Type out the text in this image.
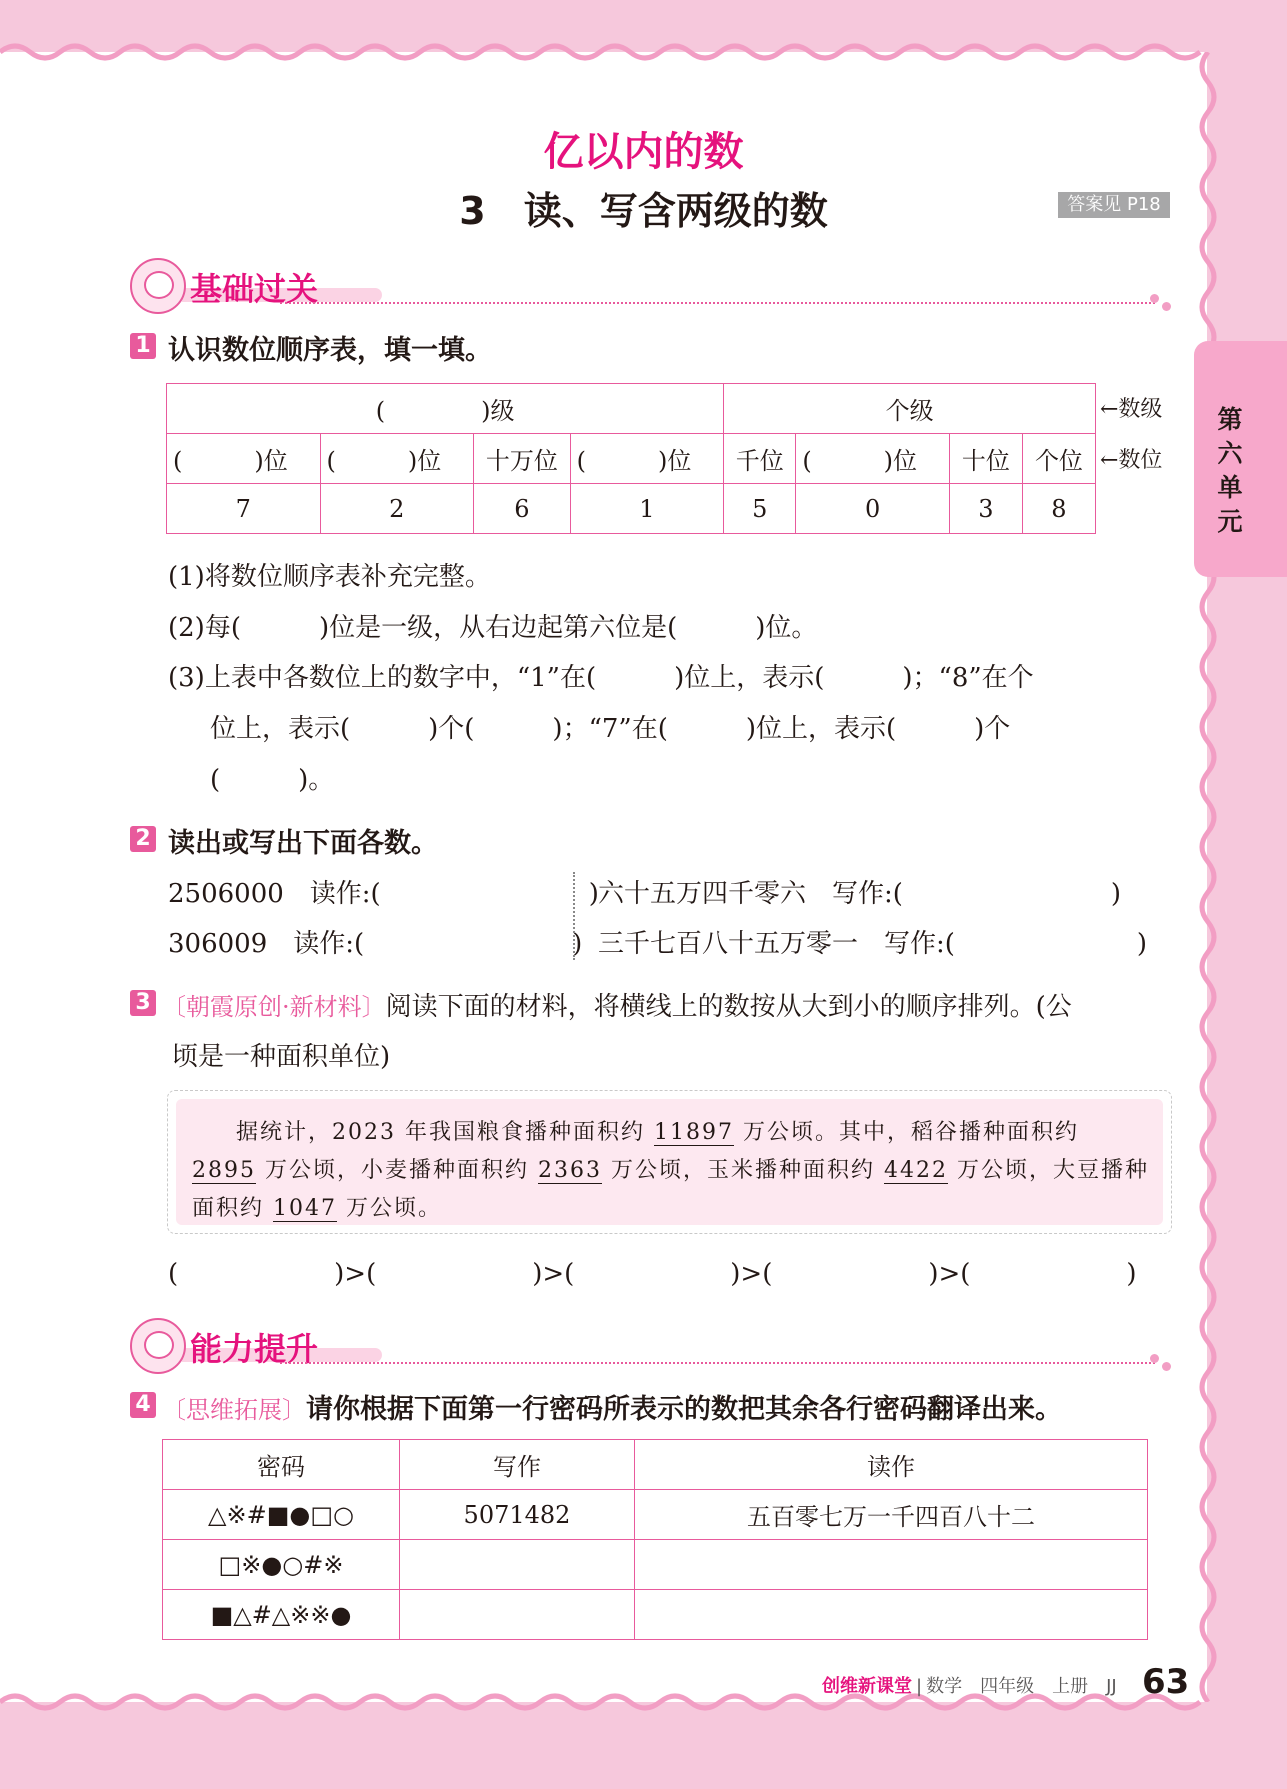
第六单元
亿以内的数
3　读、写含两级的数	答案见 P18
基础过关
1 认识数位顺序表，填一填。
(　　　　)级				个级			
(　　　)位	(　　　)位	十万位	(　　　)位	千位	(　　　)位	十位	个位
7	2	6	1	5	0	3	8
←数级
←数位
(1)将数位顺序表补充完整。
(2)每(　　　)位是一级，从右边起第六位是(　　　)位。
(3)上表中各数位上的数字中，“1”在(　　　)位上，表示(　　　)；“8”在个
位上，表示(　　　)个(　　　)；“7”在(　　　)位上，表示(　　　)个
(　　　)。
2 读出或写出下面各数。
2506000　读作:(　　　　　　　　)
306009　读作:(　　　　　　　　)
六十五万四千零六　写作:(　　　　　　　　)
三千七百八十五万零一　写作:(　　　　　　　)
3 〔朝霞原创·新材料〕阅读下面的材料，将横线上的数按从大到小的顺序排列。(公
顷是一种面积单位)
据统计，2023 年我国粮食播种面积约 11897 万公顷。其中，稻谷播种面积约
2895 万公顷，小麦播种面积约 2363 万公顷，玉米播种面积约 4422 万公顷，大豆播种
面积约 1047 万公顷。
(　　　　　　)>(　　　　　　)>(　　　　　　)>(　　　　　　)>(　　　　　　)
能力提升
4 〔思维拓展〕请你根据下面第一行密码所表示的数把其余各行密码翻译出来。
密码	写作	读作
△※#■●□○	5071482	五百零七万一千四百八十二
□※●○#※		
■△#△※※●		
创维新课堂 | 数学　四年级　上册　JJ 63
